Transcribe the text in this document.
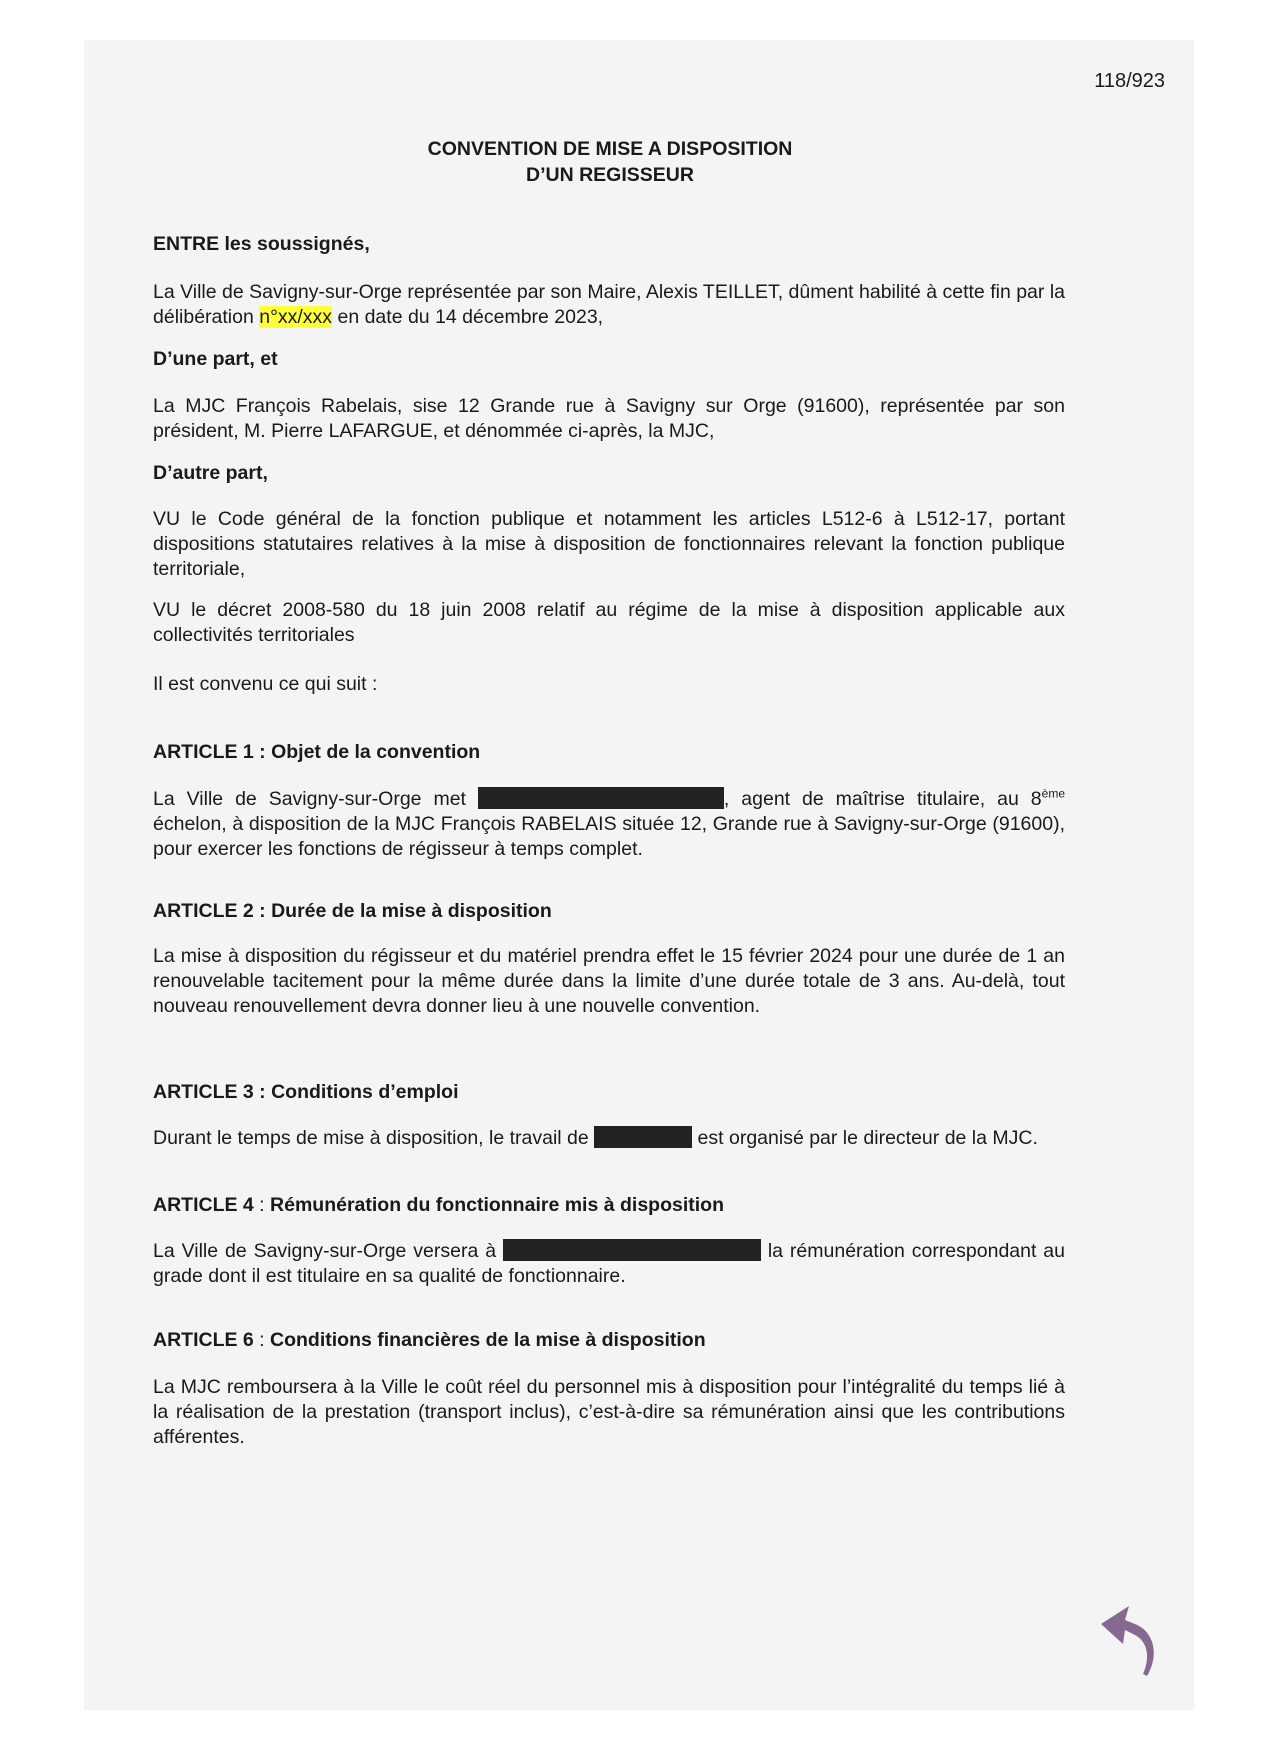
118/923
CONVENTION DE MISE A DISPOSITION
D’UN REGISSEUR

ENTRE les soussignés,

La Ville de Savigny-sur-Orge représentée par son Maire, Alexis TEILLET, dûment habilité à cette fin par la délibération n°xx/xxx en date du 14 décembre 2023,

D’une part, et

La MJC François Rabelais, sise 12 Grande rue à Savigny sur Orge (91600), représentée par son président, M. Pierre LAFARGUE, et dénommée ci-après, la MJC,

D’autre part,

VU le Code général de la fonction publique et notamment les articles L512-6 à L512-17, portant dispositions statutaires relatives à la mise à disposition de fonctionnaires relevant la fonction publique territoriale,

VU le décret 2008-580 du 18 juin 2008 relatif au régime de la mise à disposition applicable aux collectivités territoriales

Il est convenu ce qui suit :

ARTICLE 1 : Objet de la convention

La Ville de Savigny-sur-Orge met	, agent de maîtrise titulaire, au 8ème échelon, à disposition de la MJC François RABELAIS située 12, Grande rue à Savigny-sur-Orge (91600), pour exercer les fonctions de régisseur à temps complet.

ARTICLE 2 : Durée de la mise à disposition

La mise à disposition du régisseur et du matériel prendra effet le 15 février 2024 pour une durée de 1 an renouvelable tacitement pour la même durée dans la limite d’une durée totale de 3 ans. Au-delà, tout nouveau renouvellement devra donner lieu à une nouvelle convention.

ARTICLE 3 : Conditions d’emploi

Durant le temps de mise à disposition, le travail de	est organisé par le directeur de la MJC.

ARTICLE 4 : Rémunération du fonctionnaire mis à disposition

La Ville de Savigny-sur-Orge versera à	la rémunération correspondant au grade dont il est titulaire en sa qualité de fonctionnaire.

ARTICLE 6 : Conditions financières de la mise à disposition

La MJC remboursera à la Ville le coût réel du personnel mis à disposition pour l’intégralité du temps lié à la réalisation de la prestation (transport inclus), c’est-à-dire sa rémunération ainsi que les contributions afférentes.
